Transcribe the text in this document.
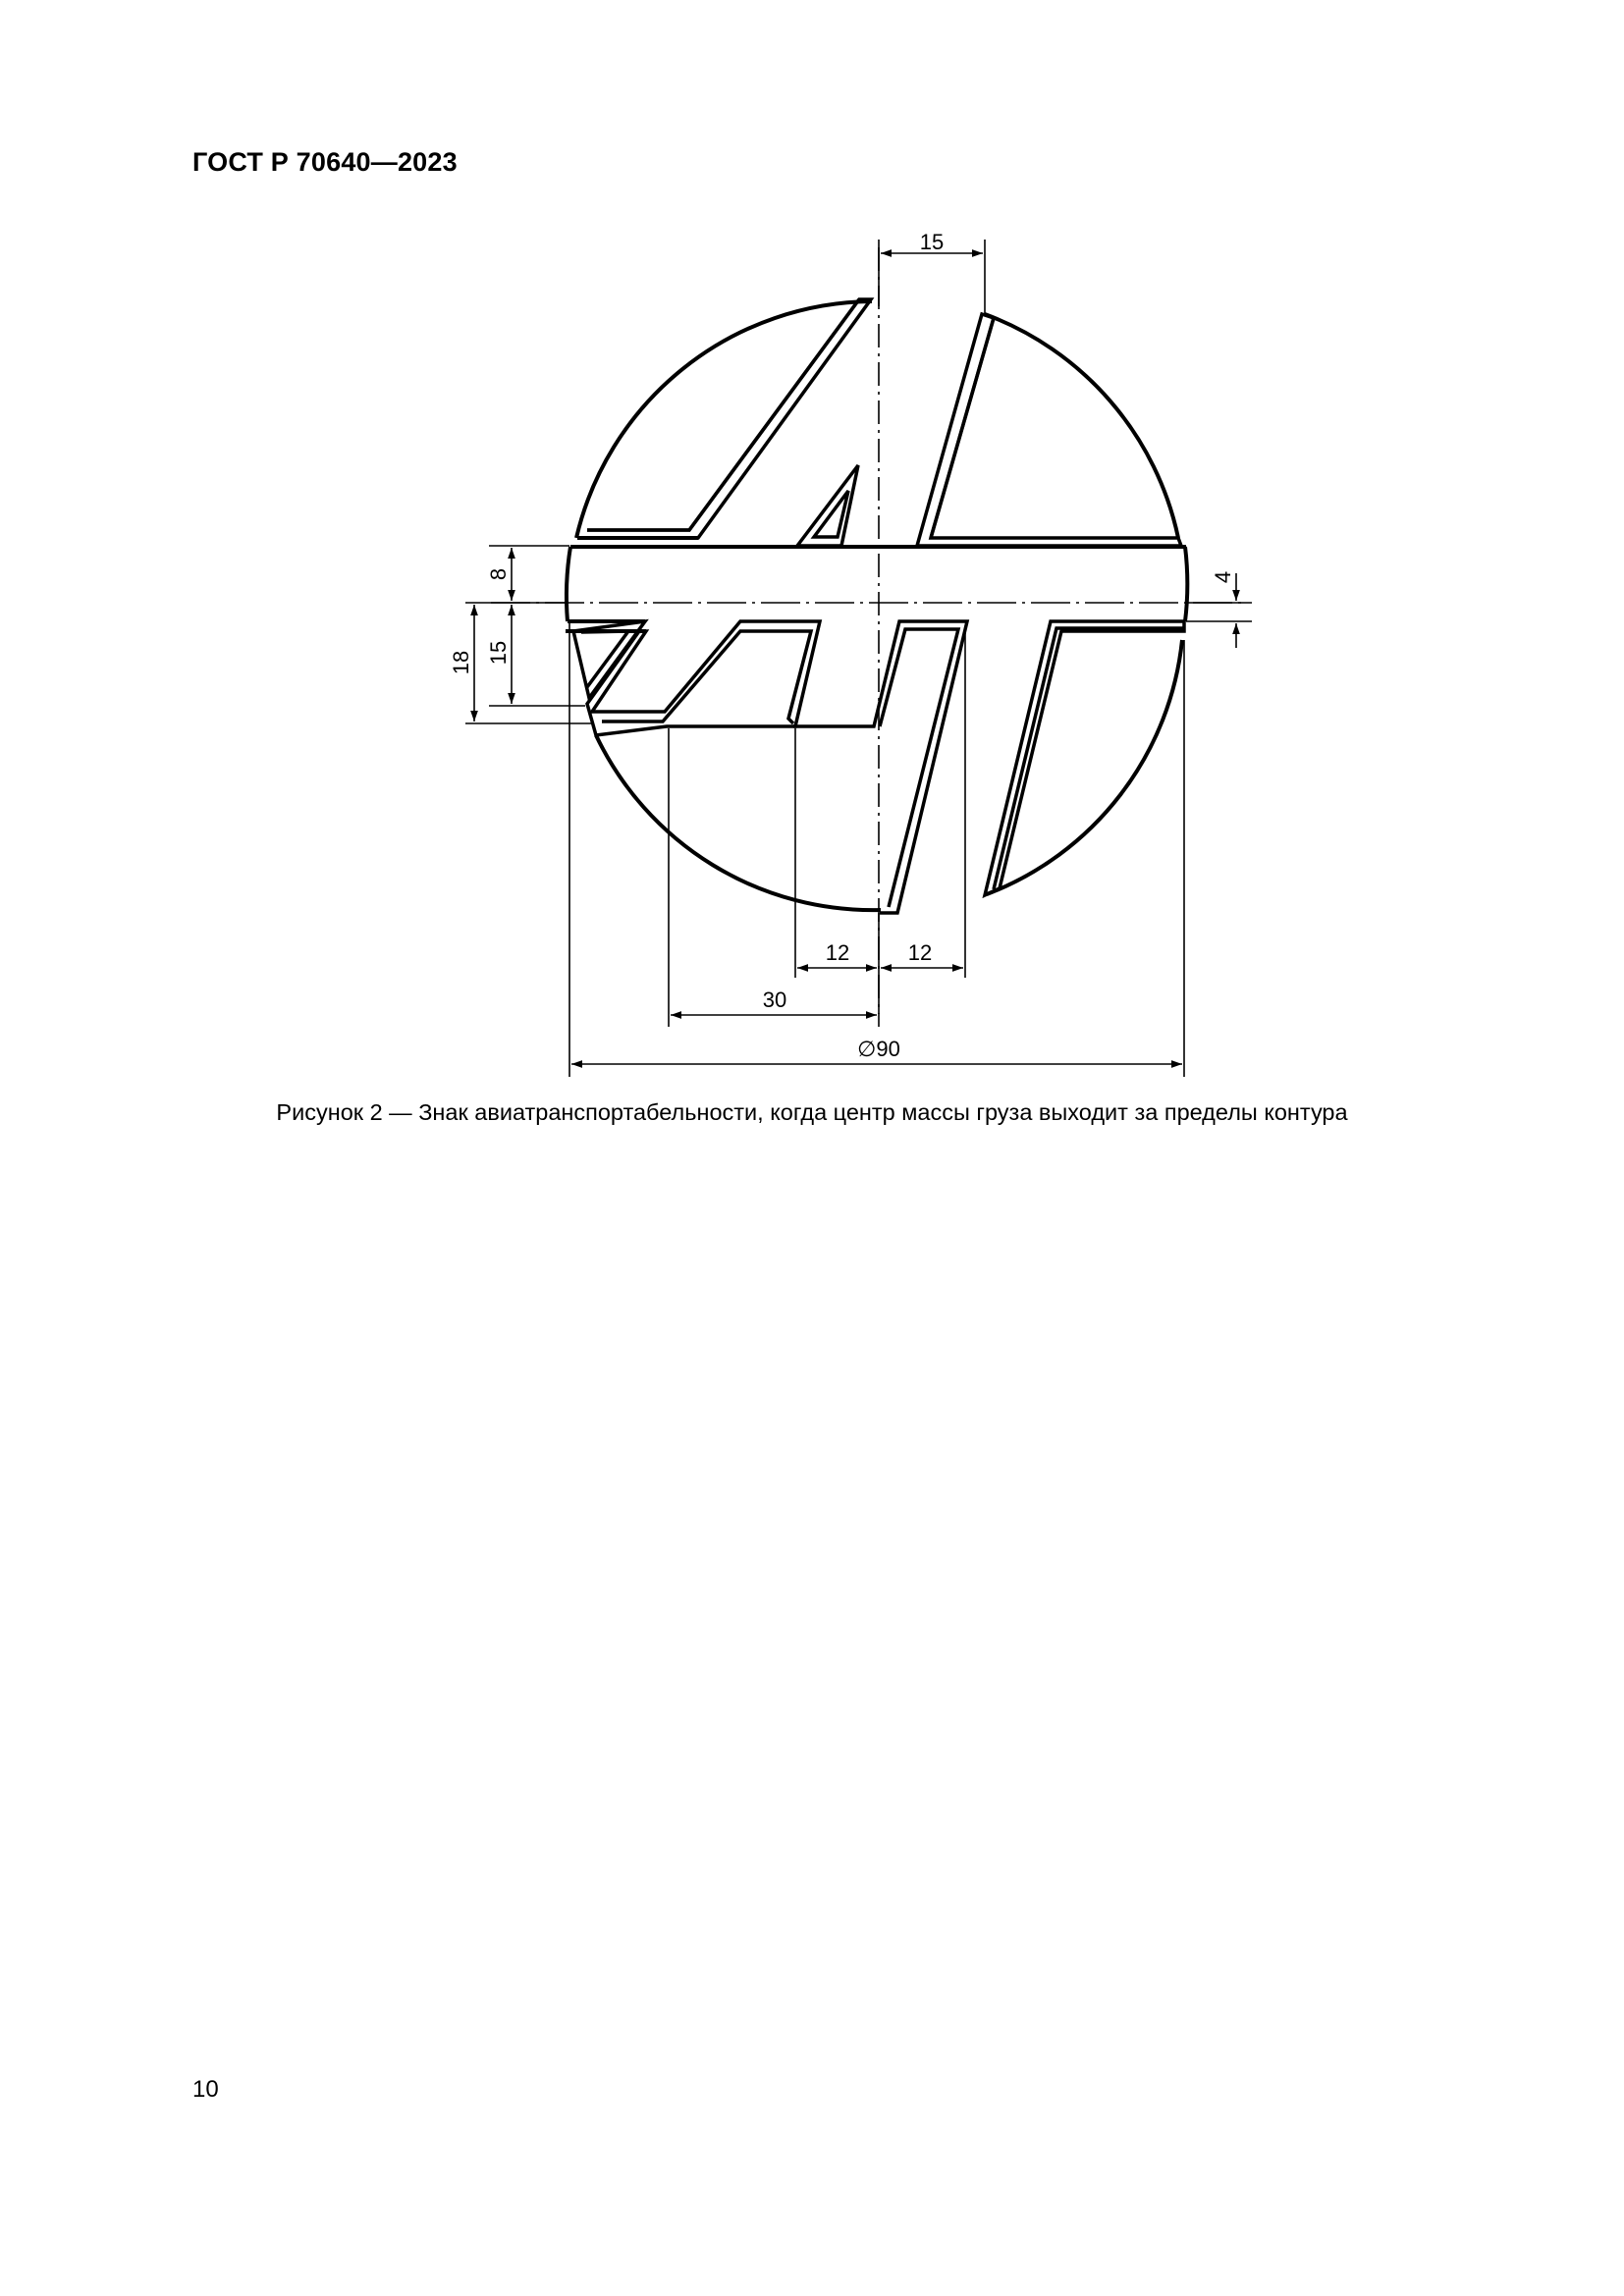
ГОСТ Р 70640—2023
15
8
15
18
4
12	12
30
∅90
Рисунок 2 — Знак авиатранспортабельности, когда центр массы груза выходит за пределы контура
10
